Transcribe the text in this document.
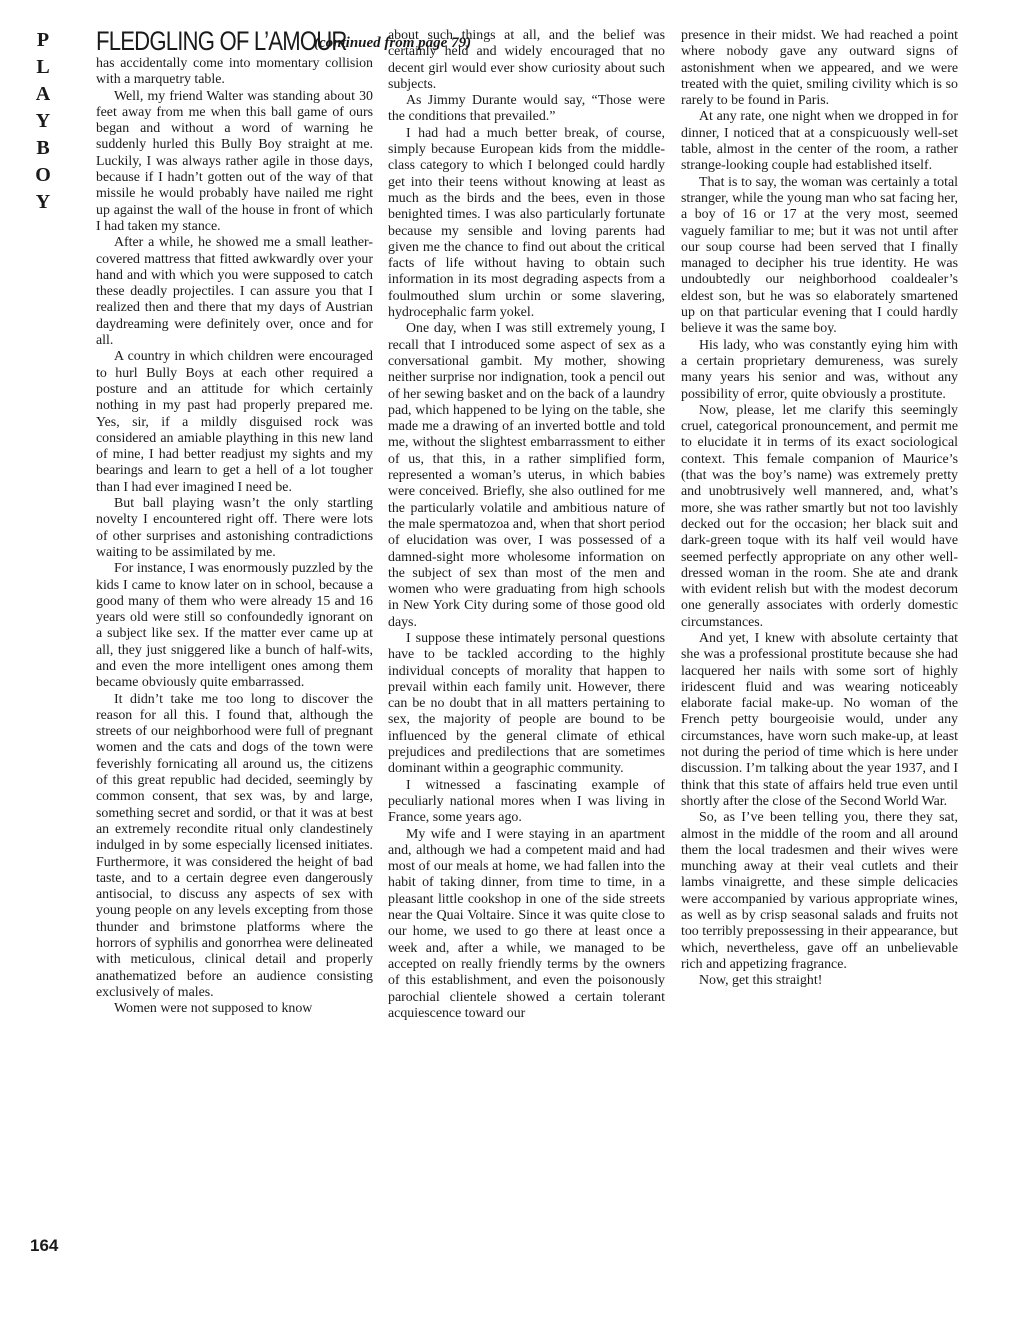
P
L
A
Y
B
O
Y
FLEDGLING OF L’AMOUR
(continued from page 79)

has accidentally come into momentary collision with a marquetry table.

Well, my friend Walter was standing about 30 feet away from me when this ball game of ours began and without a word of warning he suddenly hurled this Bully Boy straight at me. Luckily, I was always rather agile in those days, because if I hadn’t gotten out of the way of that missile he would probably have nailed me right up against the wall of the house in front of which I had taken my stance.

After a while, he showed me a small leather-covered mattress that fitted awkwardly over your hand and with which you were supposed to catch these deadly projectiles. I can assure you that I realized then and there that my days of Austrian daydreaming were definitely over, once and for all.

A country in which children were encouraged to hurl Bully Boys at each other required a posture and an attitude for which certainly nothing in my past had properly prepared me. Yes, sir, if a mildly disguised rock was considered an amiable plaything in this new land of mine, I had better readjust my sights and my bearings and learn to get a hell of a lot tougher than I had ever imagined I need be.

But ball playing wasn’t the only startling novelty I encountered right off. There were lots of other surprises and astonishing contradictions waiting to be assimilated by me.

For instance, I was enormously puzzled by the kids I came to know later on in school, because a good many of them who were already 15 and 16 years old were still so confoundedly ignorant on a subject like sex. If the matter ever came up at all, they just sniggered like a bunch of half-wits, and even the more intelligent ones among them became obviously quite embarrassed.

It didn’t take me too long to discover the reason for all this. I found that, although the streets of our neighborhood were full of pregnant women and the cats and dogs of the town were feverishly fornicating all around us, the citizens of this great republic had decided, seemingly by common consent, that sex was, by and large, something secret and sordid, or that it was at best an extremely recondite ritual only clandestinely indulged in by some especially licensed initiates. Furthermore, it was considered the height of bad taste, and to a certain degree even dangerously antisocial, to discuss any aspects of sex with young people on any levels excepting from those thunder and brimstone platforms where the horrors of syphilis and gonorrhea were delineated with meticulous, clinical detail and properly anathematized before an audience consisting exclusively of males.

Women were not supposed to know

about such things at all, and the belief was certainly held and widely encouraged that no decent girl would ever show curiosity about such subjects.

As Jimmy Durante would say, “Those were the conditions that prevailed.”

I had had a much better break, of course, simply because European kids from the middle-class category to which I belonged could hardly get into their teens without knowing at least as much as the birds and the bees, even in those benighted times. I was also particularly fortunate because my sensible and loving parents had given me the chance to find out about the critical facts of life without having to obtain such information in its most degrading aspects from a foulmouthed slum urchin or some slavering, hydrocephalic farm yokel.

One day, when I was still extremely young, I recall that I introduced some aspect of sex as a conversational gambit. My mother, showing neither surprise nor indignation, took a pencil out of her sewing basket and on the back of a laundry pad, which happened to be lying on the table, she made me a drawing of an inverted bottle and told me, without the slightest embarrassment to either of us, that this, in a rather simplified form, represented a woman’s uterus, in which babies were conceived. Briefly, she also outlined for me the particularly volatile and ambitious nature of the male spermatozoa and, when that short period of elucidation was over, I was possessed of a damned-sight more wholesome information on the subject of sex than most of the men and women who were graduating from high schools in New York City during some of those good old days.

I suppose these intimately personal questions have to be tackled according to the highly individual concepts of morality that happen to prevail within each family unit. However, there can be no doubt that in all matters pertaining to sex, the majority of people are bound to be influenced by the general climate of ethical prejudices and predilections that are sometimes dominant within a geographic community.

I witnessed a fascinating example of peculiarly national mores when I was living in France, some years ago.

My wife and I were staying in an apartment and, although we had a competent maid and had most of our meals at home, we had fallen into the habit of taking dinner, from time to time, in a pleasant little cookshop in one of the side streets near the Quai Voltaire. Since it was quite close to our home, we used to go there at least once a week and, after a while, we managed to be accepted on really friendly terms by the owners of this establishment, and even the poisonously parochial clientele showed a certain tolerant acquiescence toward our

presence in their midst. We had reached a point where nobody gave any outward signs of astonishment when we appeared, and we were treated with the quiet, smiling civility which is so rarely to be found in Paris.

At any rate, one night when we dropped in for dinner, I noticed that at a conspicuously well-set table, almost in the center of the room, a rather strange-looking couple had established itself.

That is to say, the woman was certainly a total stranger, while the young man who sat facing her, a boy of 16 or 17 at the very most, seemed vaguely familiar to me; but it was not until after our soup course had been served that I finally managed to decipher his true identity. He was undoubtedly our neighborhood coaldealer’s eldest son, but he was so elaborately smartened up on that particular evening that I could hardly believe it was the same boy.

His lady, who was constantly eying him with a certain proprietary demureness, was surely many years his senior and was, without any possibility of error, quite obviously a prostitute.

Now, please, let me clarify this seemingly cruel, categorical pronouncement, and permit me to elucidate it in terms of its exact sociological context. This female companion of Maurice’s (that was the boy’s name) was extremely pretty and unobtrusively well mannered, and, what’s more, she was rather smartly but not too lavishly decked out for the occasion; her black suit and dark-green toque with its half veil would have seemed perfectly appropriate on any other well-dressed woman in the room. She ate and drank with evident relish but with the modest decorum one generally associates with orderly domestic circumstances.

And yet, I knew with absolute certainty that she was a professional prostitute because she had lacquered her nails with some sort of highly iridescent fluid and was wearing noticeably elaborate facial make-up. No woman of the French petty bourgeoisie would, under any circumstances, have worn such make-up, at least not during the period of time which is here under discussion. I’m talking about the year 1937, and I think that this state of affairs held true even until shortly after the close of the Second World War.

So, as I’ve been telling you, there they sat, almost in the middle of the room and all around them the local tradesmen and their wives were munching away at their veal cutlets and their lambs vinaigrette, and these simple delicacies were accompanied by various appropriate wines, as well as by crisp seasonal salads and fruits not too terribly prepossessing in their appearance, but which, nevertheless, gave off an unbelievable rich and appetizing fragrance.

Now, get this straight!

164
